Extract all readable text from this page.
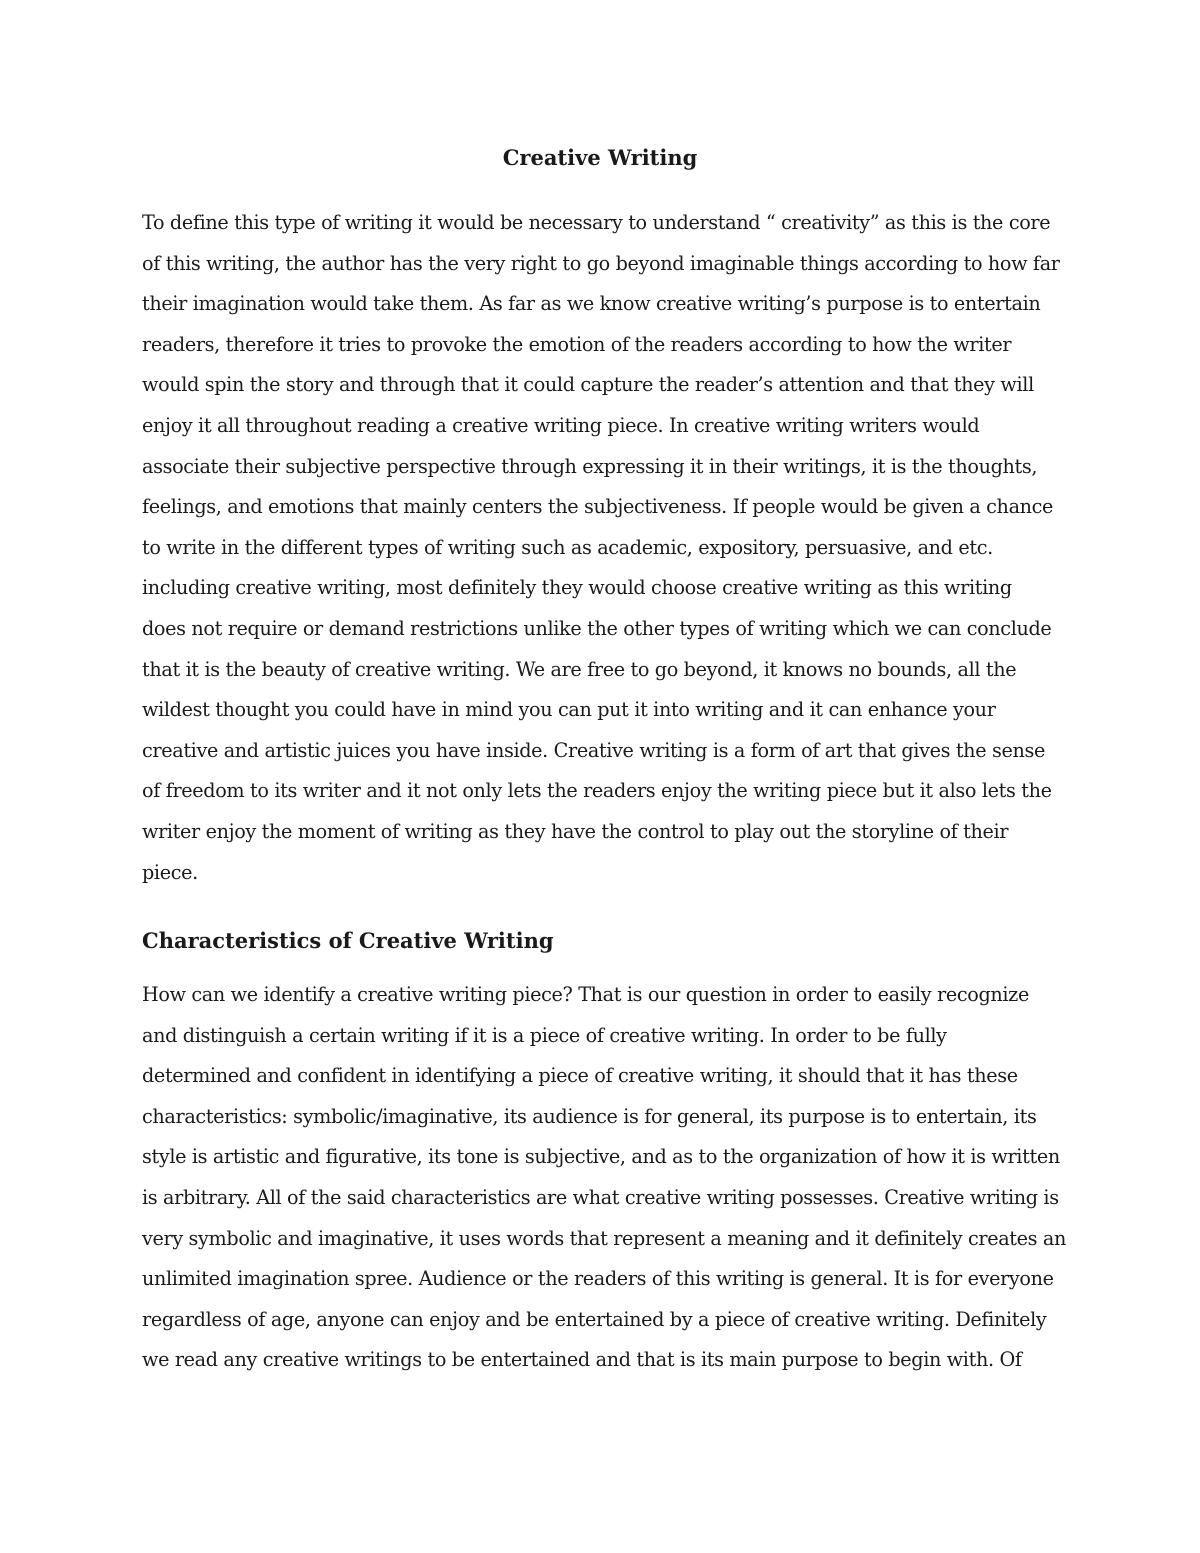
Creative Writing
To define this type of writing it would be necessary to understand “ creativity” as this is the core
of this writing, the author has the very right to go beyond imaginable things according to how far
their imagination would take them. As far as we know creative writing’s purpose is to entertain
readers, therefore it tries to provoke the emotion of the readers according to how the writer
would spin the story and through that it could capture the reader’s attention and that they will
enjoy it all throughout reading a creative writing piece. In creative writing writers would
associate their subjective perspective through expressing it in their writings, it is the thoughts,
feelings, and emotions that mainly centers the subjectiveness. If people would be given a chance
to write in the different types of writing such as academic, expository, persuasive, and etc.
including creative writing, most definitely they would choose creative writing as this writing
does not require or demand restrictions unlike the other types of writing which we can conclude
that it is the beauty of creative writing. We are free to go beyond, it knows no bounds, all the
wildest thought you could have in mind you can put it into writing and it can enhance your
creative and artistic juices you have inside. Creative writing is a form of art that gives the sense
of freedom to its writer and it not only lets the readers enjoy the writing piece but it also lets the
writer enjoy the moment of writing as they have the control to play out the storyline of their
piece.
Characteristics of Creative Writing
How can we identify a creative writing piece? That is our question in order to easily recognize
and distinguish a certain writing if it is a piece of creative writing. In order to be fully
determined and confident in identifying a piece of creative writing, it should that it has these
characteristics: symbolic/imaginative, its audience is for general, its purpose is to entertain, its
style is artistic and figurative, its tone is subjective, and as to the organization of how it is written
is arbitrary. All of the said characteristics are what creative writing possesses. Creative writing is
very symbolic and imaginative, it uses words that represent a meaning and it definitely creates an
unlimited imagination spree. Audience or the readers of this writing is general. It is for everyone
regardless of age, anyone can enjoy and be entertained by a piece of creative writing. Definitely
we read any creative writings to be entertained and that is its main purpose to begin with. Of
